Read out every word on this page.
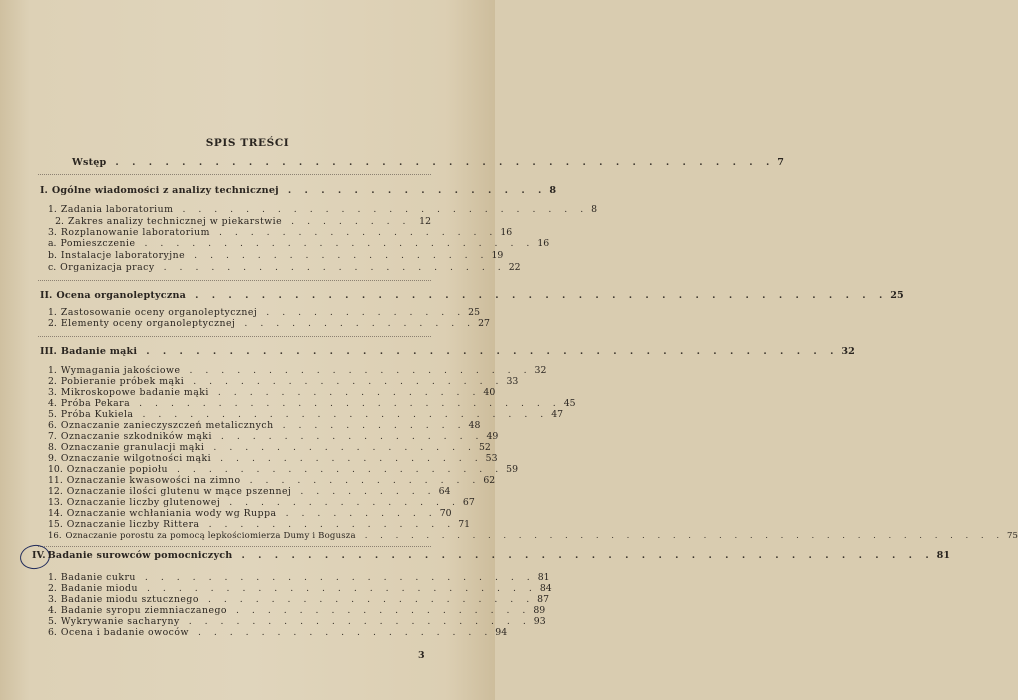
SPIS TREŚCI
Wstęp . . . . . . . . . . . . . . . . . . . . . . . . . . . . . . . . . . . . . . . . 7
I. Ogólne wiadomości z analizy technicznej . . . . . . . . . . . . . . . . 8
1. Zadania laboratorium . . . . . . . . . . . . . . . . . . . . . . . . . . 8
2. Zakres analizy technicznej w piekarstwie . . . . . . . . 12
3. Rozplanowanie laboratorium . . . . . . . . . . . . . . . . . . 16
a. Pomieszczenie . . . . . . . . . . . . . . . . . . . . . . . . . 16
b. Instalacje laboratoryjne . . . . . . . . . . . . . . . . . . . 19
c. Organizacja pracy . . . . . . . . . . . . . . . . . . . . . . 22
II. Ocena organoleptyczna . . . . . . . . . . . . . . . . . . . . . . . . . . . . . . . . . . . . . . . . . . 25
1. Zastosowanie oceny organoleptycznej . . . . . . . . . . . . . 25
2. Elementy oceny organoleptycznej . . . . . . . . . . . . . . . 27
III. Badanie mąki . . . . . . . . . . . . . . . . . . . . . . . . . . . . . . . . . . . . . . . . . . 32
1. Wymagania jakościowe . . . . . . . . . . . . . . . . . . . . . . 32
2. Pobieranie próbek mąki . . . . . . . . . . . . . . . . . . . . 33
3. Mikroskopowe badanie mąki . . . . . . . . . . . . . . . . . 40
4. Próba Pekara . . . . . . . . . . . . . . . . . . . . . . . . . . . 45
5. Próba Kukiela . . . . . . . . . . . . . . . . . . . . . . . . . . 47
6. Oznaczanie zanieczyszczeń metalicznych . . . . . . . . . . . . 48
7. Oznaczanie szkodników mąki . . . . . . . . . . . . . . . . . 49
8. Oznaczanie granulacji mąki . . . . . . . . . . . . . . . . . 52
9. Oznaczanie wilgotności mąki . . . . . . . . . . . . . . . . . 53
10. Oznaczanie popiołu . . . . . . . . . . . . . . . . . . . . . 59
11. Oznaczanie kwasowości na zimno . . . . . . . . . . . . . . . 62
12. Oznaczanie ilości glutenu w mące pszennej . . . . . . . . . 64
13. Oznaczanie liczby glutenowej . . . . . . . . . . . . . . . 67
14. Oznaczanie wchłaniania wody wg Ruppa . . . . . . . . . . 70
15. Oznaczanie liczby Rittera . . . . . . . . . . . . . . . . 71
16. Oznaczanie porostu za pomocą lepkościomierza Dumy i Bogusza	. . . . . . . . . . . . . . . . . . . . . . . . . . . . . . . . . . . . . . . . . . 75
IV. Badanie surowców pomocniczych . . . . . . . . . . . . . . . . . . . . . . . . . . . . . . . . . . . . . . . . . . 81
1. Badanie cukru . . . . . . . . . . . . . . . . . . . . . . . . . 81
2. Badanie miodu . . . . . . . . . . . . . . . . . . . . . . . . . 84
3. Badanie miodu sztucznego . . . . . . . . . . . . . . . . . . . . . 87
4. Badanie syropu ziemniaczanego . . . . . . . . . . . . . . . . . . . 89
5. Wykrywanie sacharyny . . . . . . . . . . . . . . . . . . . . . . 93
6. Ocena i badanie owoców . . . . . . . . . . . . . . . . . . . 94
3
